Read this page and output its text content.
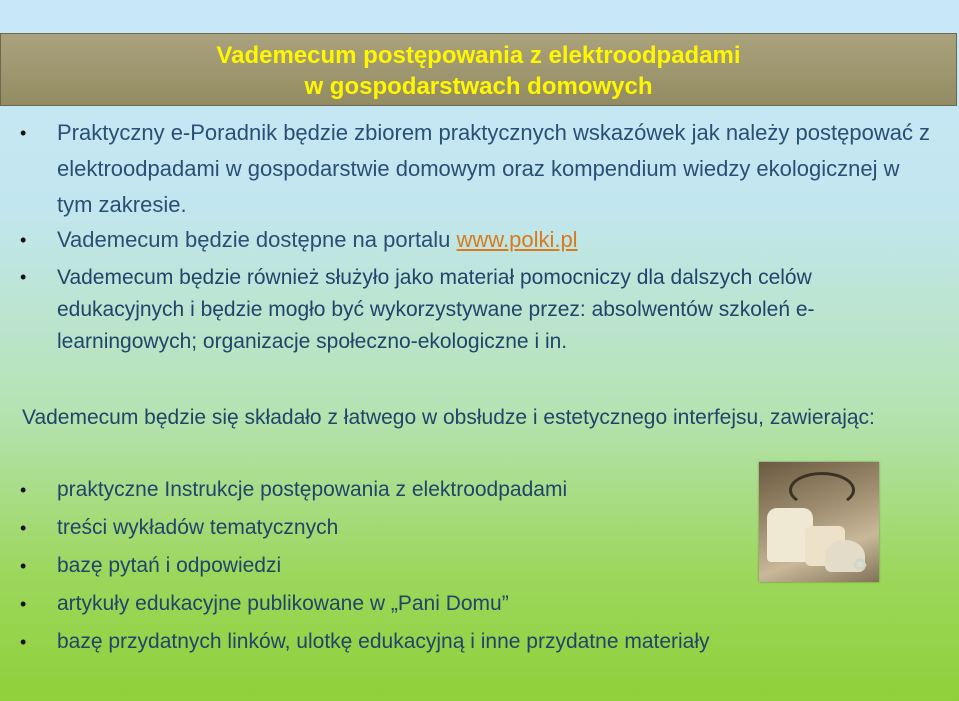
Vademecum postępowania z elektroodpadami
w gospodarstwach domowych
• Praktyczny e-Poradnik będzie zbiorem praktycznych wskazówek jak należy postępować z elektroodpadami w gospodarstwie domowym oraz kompendium wiedzy ekologicznej w tym zakresie.
• Vademecum będzie dostępne na portalu www.polki.pl
• Vademecum będzie również służyło jako materiał pomocniczy dla dalszych celów edukacyjnych i będzie mogło być wykorzystywane przez: absolwentów szkoleń e-learningowych; organizacje społeczno-ekologiczne i in.
Vademecum będzie się składało z łatwego w obsłudze i estetycznego interfejsu, zawierając:
• praktyczne Instrukcje postępowania z elektroodpadami
• treści wykładów tematycznych
• bazę pytań i odpowiedzi
• artykuły edukacyjne publikowane w „Pani Domu”
• bazę przydatnych linków, ulotkę edukacyjną i inne przydatne materiały
♻
